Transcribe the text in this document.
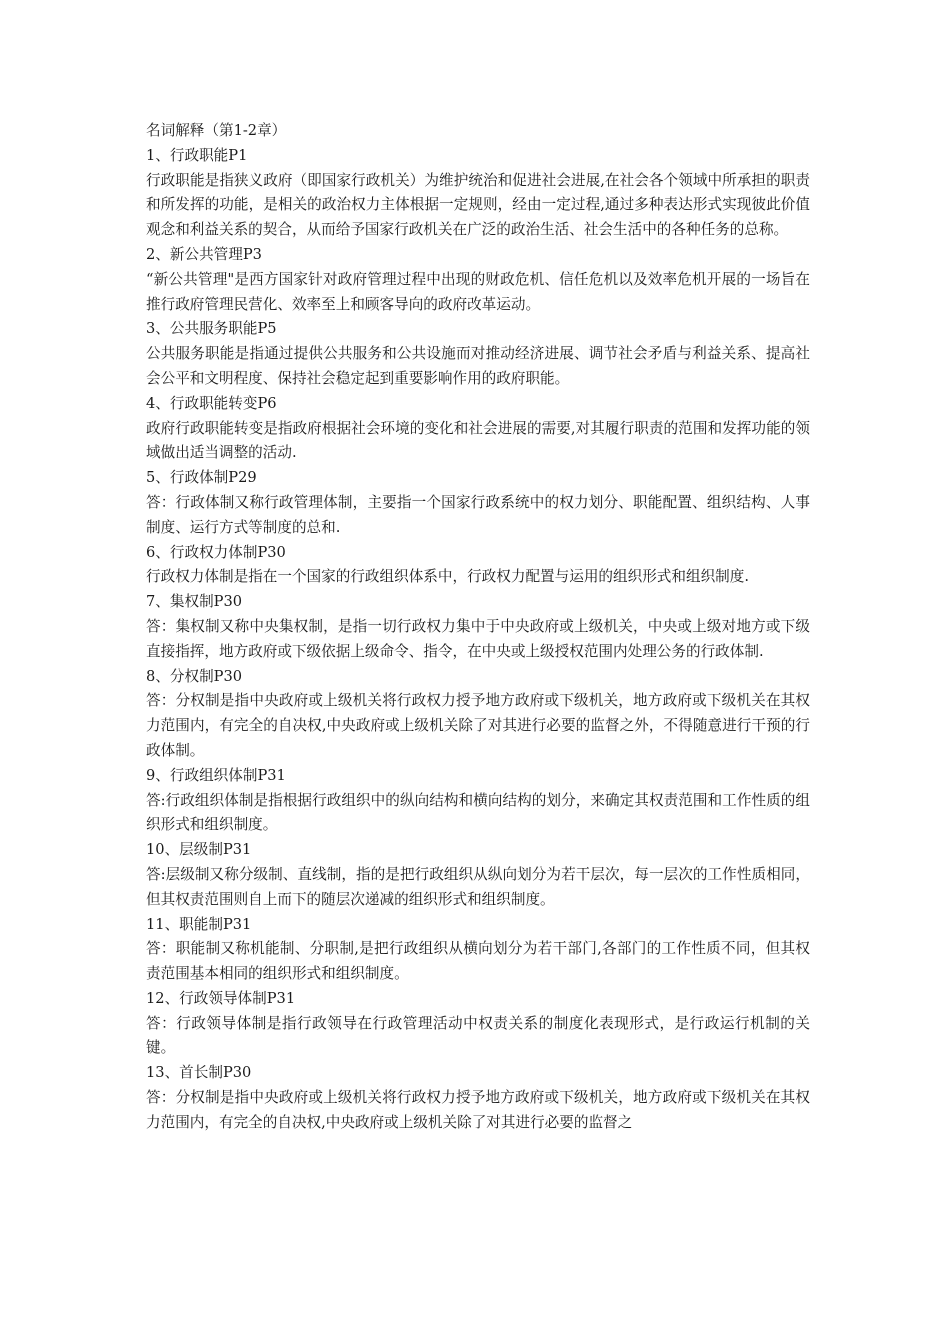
名词解释（第1-2章）

1、行政职能P1

行政职能是指狭义政府（即国家行政机关）为维护统治和促进社会进展,在社会各个领域中所承担的职责和所发挥的功能，是相关的政治权力主体根据一定规则，经由一定过程,通过多种表达形式实现彼此价值观念和利益关系的契合，从而给予国家行政机关在广泛的政治生活、社会生活中的各种任务的总称。

2、新公共管理P3

“新公共管理"是西方国家针对政府管理过程中出现的财政危机、信任危机以及效率危机开展的一场旨在推行政府管理民营化、效率至上和顾客导向的政府改革运动。

3、公共服务职能P5

公共服务职能是指通过提供公共服务和公共设施而对推动经济进展、调节社会矛盾与利益关系、提高社会公平和文明程度、保持社会稳定起到重要影响作用的政府职能。

4、行政职能转变P6

政府行政职能转变是指政府根据社会环境的变化和社会进展的需要,对其履行职责的范围和发挥功能的领域做出适当调整的活动.

5、行政体制P29

答：行政体制又称行政管理体制，主要指一个国家行政系统中的权力划分、职能配置、组织结构、人事制度、运行方式等制度的总和.

6、行政权力体制P30

行政权力体制是指在一个国家的行政组织体系中，行政权力配置与运用的组织形式和组织制度.

7、集权制P30

答：集权制又称中央集权制，是指一切行政权力集中于中央政府或上级机关，中央或上级对地方或下级直接指挥，地方政府或下级依据上级命令、指令，在中央或上级授权范围内处理公务的行政体制.

8、分权制P30

答：分权制是指中央政府或上级机关将行政权力授予地方政府或下级机关，地方政府或下级机关在其权力范围内，有完全的自决权,中央政府或上级机关除了对其进行必要的监督之外，不得随意进行干预的行政体制。

9、行政组织体制P31

答:行政组织体制是指根据行政组织中的纵向结构和横向结构的划分，来确定其权责范围和工作性质的组织形式和组织制度。

10、层级制P31

答:层级制又称分级制、直线制，指的是把行政组织从纵向划分为若干层次，每一层次的工作性质相同，但其权责范围则自上而下的随层次递减的组织形式和组织制度。

11、职能制P31

答：职能制又称机能制、分职制,是把行政组织从横向划分为若干部门,各部门的工作性质不同，但其权责范围基本相同的组织形式和组织制度。

12、行政领导体制P31

答：行政领导体制是指行政领导在行政管理活动中权责关系的制度化表现形式，是行政运行机制的关键。

13、首长制P30

答：分权制是指中央政府或上级机关将行政权力授予地方政府或下级机关，地方政府或下级机关在其权力范围内，有完全的自决权,中央政府或上级机关除了对其进行必要的监督之
